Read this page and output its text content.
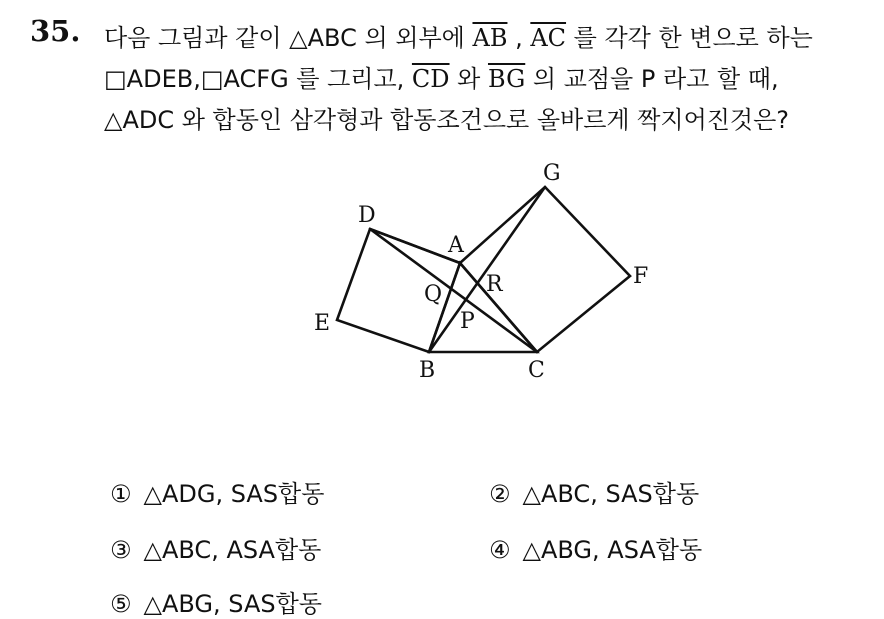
35. 다음 그림과 같이 △ABC 의 외부에 $\overline{AB}$ , $\overline{AC}$ 를 각각 한 변으로 하는
□ADEB,□ACFG 를 그리고, $\overline{CD}$ 와 $\overline{BG}$ 의 교점을 P 라고 할 때,
△ADC 와 합동인 삼각형과 합동조건으로 올바르게 짝지어진것은?
G
D
A
Q R	F
E	P
B	C
① △ADG, SAS합동	② △ABC, SAS합동
③ △ABC, ASA합동	④ △ABG, ASA합동
⑤ △ABG, SAS합동
